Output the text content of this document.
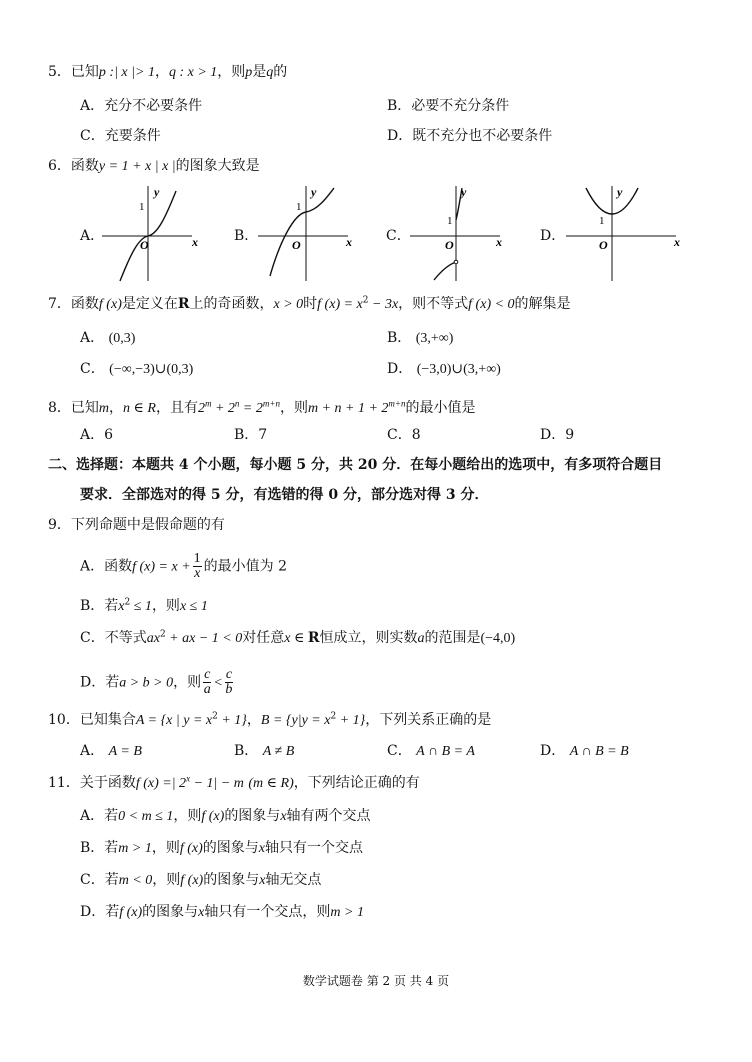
5．已知p :| x |> 1，q : x > 1，则p是q的
A．充分不必要条件	B．必要不充分条件
C．充要条件	D．既不充分也不必要条件
6．函数y = 1 + x | x |的图象大致是
A．	B．	C．	D．
y
x
O
1
y
x
O
1
y
x
O
1
y
x
O
1
7．函数f (x)是定义在R上的奇函数，x > 0时f $(x) = x^2 - 3x$，则不等式f (x) < 0的解集是
A． (0,3)	B． (3,+∞)
C． (−∞,−3)∪(0,3)	D． (−3,0)∪(3,+∞)
8．已知m，n ∈ R，且有$2^m + 2^n = 2^{m+n}$，则$m + n + 1 + 2^{m+n}$的最小值是
A．6	B．7	C．8	D．9
二、选择题：本题共 4 个小题，每小题 5 分，共 20 分．在每小题给出的选项中，有多项符合题目
要求．全部选对的得 5 分，有选错的得 0 分，部分选对得 3 分．
9．下列命题中是假命题的有
A．函数f $(x) = x + \frac{1}{x}$ 的最小值为 2
B．若$x^2 \le 1$，则x ≤ 1
C．不等式$ax^2$ + ax − 1 < 0对任意x ∈ R恒成立，则实数a的范围是(−4,0)
D．若a > b > 0，则 $\frac{c}{a} < \frac{c}{b}$
10．已知集合A = {x | $y = x^2 + 1$}，$B = \{y|y = x^2 + 1\}$，下列关系正确的是
A． A = B	B． A ≠ B	C． A ∩ B = A	D． A ∩ B = B
11．关于函数f (x) =| $2^x - 1| - m$ (m ∈ R)，下列结论正确的有
A．若0 < m ≤ 1，则f (x)的图象与x轴有两个交点
B．若m > 1，则f (x)的图象与x轴只有一个交点
C．若m < 0，则f (x)的图象与x轴无交点
D．若f (x)的图象与x轴只有一个交点，则m > 1
数学试题卷 第 2 页 共 4 页
